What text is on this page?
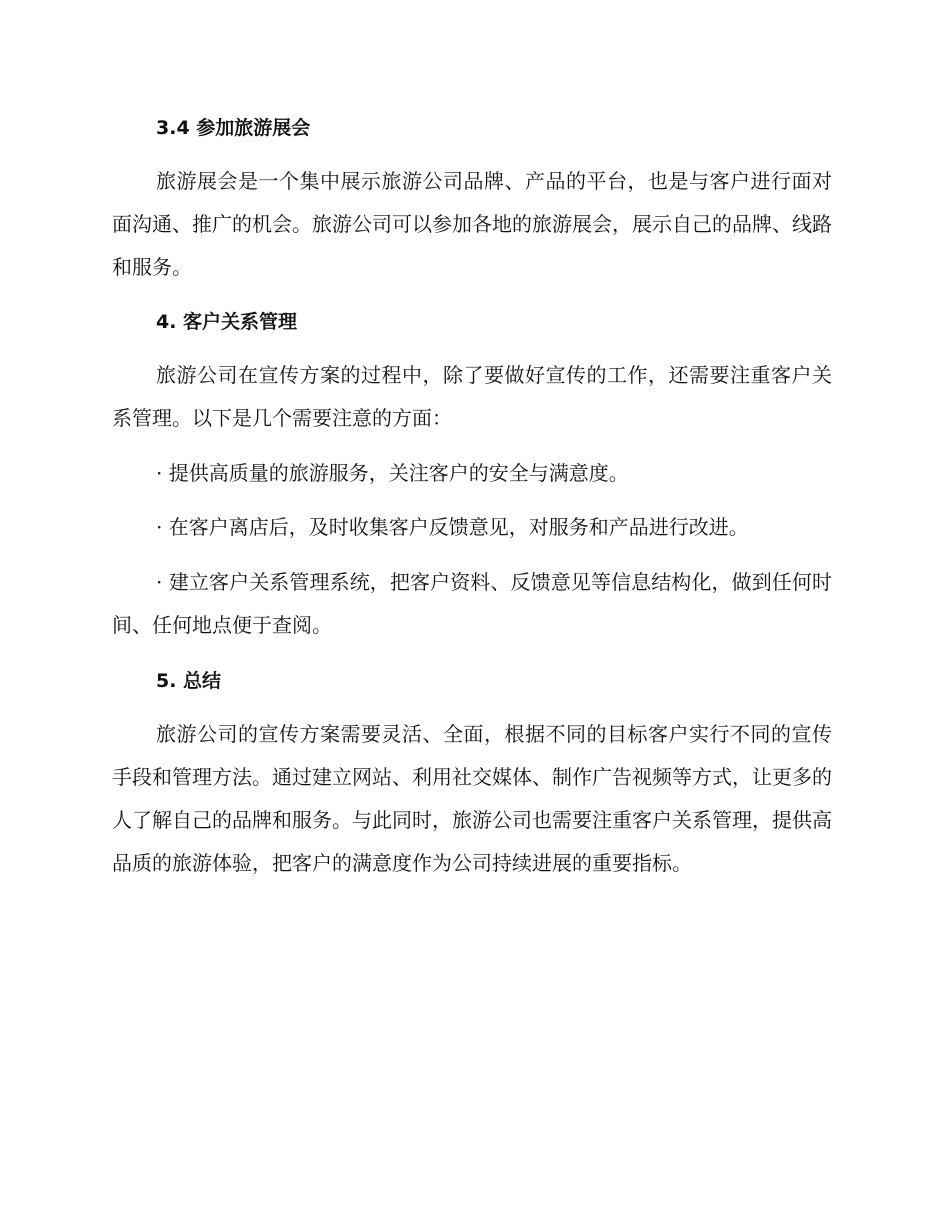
3.4 参加旅游展会
旅游展会是一个集中展示旅游公司品牌、产品的平台，也是与客户进行面对面沟通、推广的机会。旅游公司可以参加各地的旅游展会，展示自己的品牌、线路和服务。
4. 客户关系管理
旅游公司在宣传方案的过程中，除了要做好宣传的工作，还需要注重客户关系管理。以下是几个需要注意的方面：
· 提供高质量的旅游服务，关注客户的安全与满意度。
· 在客户离店后，及时收集客户反馈意见，对服务和产品进行改进。
· 建立客户关系管理系统，把客户资料、反馈意见等信息结构化，做到任何时间、任何地点便于查阅。
5. 总结
旅游公司的宣传方案需要灵活、全面，根据不同的目标客户实行不同的宣传手段和管理方法。通过建立网站、利用社交媒体、制作广告视频等方式，让更多的人了解自己的品牌和服务。与此同时，旅游公司也需要注重客户关系管理，提供高品质的旅游体验，把客户的满意度作为公司持续进展的重要指标。
